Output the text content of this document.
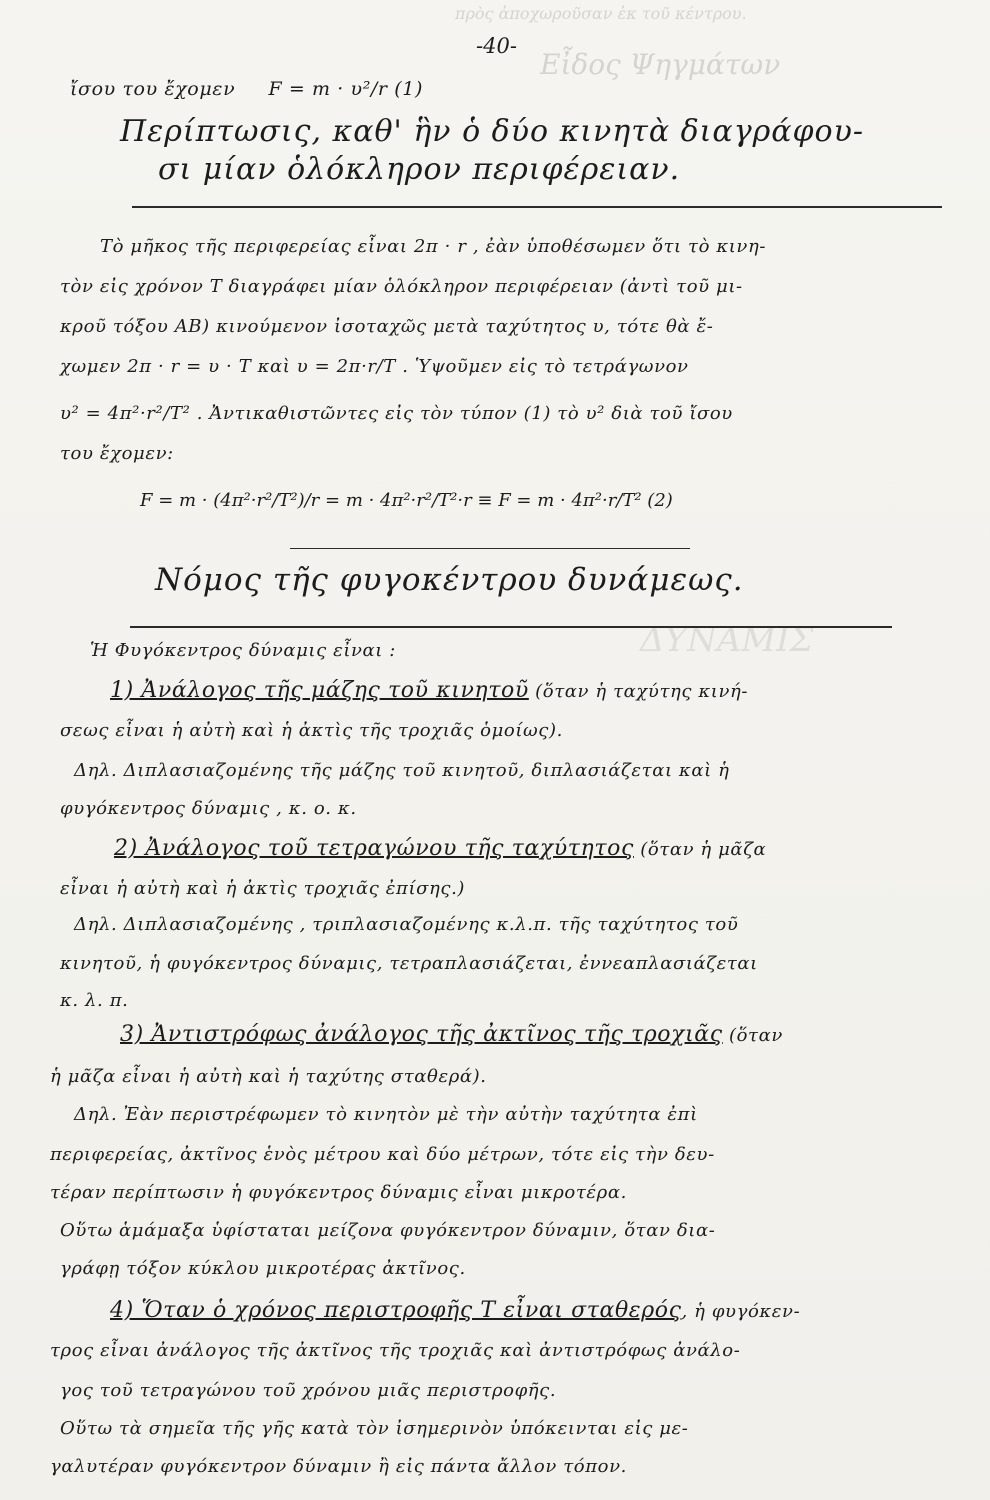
πρὸς ἀποχωροῦσαν ἐκ τοῦ κέντρου.
Εἶδος Ψηγμάτων
ΔΥΝΑΜΙΣ
-40-
ἴσου του ἔχομεν F = m · υ²/r (1)
Περίπτωσις, καθ' ἣν ὁ δύο κινητὰ διαγράφου-
σι μίαν ὁλόκληρον περιφέρειαν.
Τὸ μῆκος τῆς περιφερείας εἶναι 2π · r , ἐὰν ὑποθέσωμεν ὅτι τὸ κινη-
τὸν εἰς χρόνον Τ διαγράφει μίαν ὁλόκληρον περιφέρειαν (ἀντὶ τοῦ μι-
κροῦ τόξου ΑΒ) κινούμενον ἰσοταχῶς μετὰ ταχύτητος υ, τότε θὰ ἔ-
χωμεν 2π · r = υ · Τ καὶ υ = 2π·r/T . Ὑψοῦμεν εἰς τὸ τετράγωνον
υ² = 4π²·r²/T² . Ἀντικαθιστῶντες εἰς τὸν τύπον (1) τὸ υ² διὰ τοῦ ἴσου
του ἔχομεν:
F = m · (4π²·r²/T²)/r = m · 4π²·r²/T²·r ≡ F = m · 4π²·r/T² (2)
Νόμος τῆς φυγοκέντρου δυνάμεως.
Ἡ Φυγόκεντρος δύναμις εἶναι :
1) Ἀνάλογος τῆς μάζης τοῦ κινητοῦ (ὅταν ἡ ταχύτης κινή-
σεως εἶναι ἡ αὐτὴ καὶ ἡ ἀκτὶς τῆς τροχιᾶς ὁμοίως).
Δηλ. Διπλασιαζομένης τῆς μάζης τοῦ κινητοῦ, διπλασιάζεται καὶ ἡ
φυγόκεντρος δύναμις , κ. ο. κ.
2) Ἀνάλογος τοῦ τετραγώνου τῆς ταχύτητος (ὅταν ἡ μᾶζα
εἶναι ἡ αὐτὴ καὶ ἡ ἀκτὶς τροχιᾶς ἐπίσης.)
Δηλ. Διπλασιαζομένης , τριπλασιαζομένης κ.λ.π. τῆς ταχύτητος τοῦ
κινητοῦ, ἡ φυγόκεντρος δύναμις, τετραπλασιάζεται, ἐννεαπλασιάζεται
κ. λ. π.
3) Ἀντιστρόφως ἀνάλογος τῆς ἀκτῖνος τῆς τροχιᾶς (ὅταν
ἡ μᾶζα εἶναι ἡ αὐτὴ καὶ ἡ ταχύτης σταθερά).
Δηλ. Ἐὰν περιστρέφωμεν τὸ κινητὸν μὲ τὴν αὐτὴν ταχύτητα ἐπὶ
περιφερείας, ἀκτῖνος ἑνὸς μέτρου καὶ δύο μέτρων, τότε εἰς τὴν δευ-
τέραν περίπτωσιν ἡ φυγόκεντρος δύναμις εἶναι μικροτέρα.
Οὕτω ἁμάμαξα ὑφίσταται μείζονα φυγόκεντρον δύναμιν, ὅταν δια-
γράφῃ τόξον κύκλου μικροτέρας ἀκτῖνος.
4) Ὅταν ὁ χρόνος περιστροφῆς Τ εἶναι σταθερός, ἡ φυγόκεν-
τρος εἶναι ἀνάλογος τῆς ἀκτῖνος τῆς τροχιᾶς καὶ ἀντιστρόφως ἀνάλο-
γος τοῦ τετραγώνου τοῦ χρόνου μιᾶς περιστροφῆς.
Οὕτω τὰ σημεῖα τῆς γῆς κατὰ τὸν ἰσημερινὸν ὑπόκεινται εἰς με-
γαλυτέραν φυγόκεντρον δύναμιν ἢ εἰς πάντα ἄλλον τόπον.
